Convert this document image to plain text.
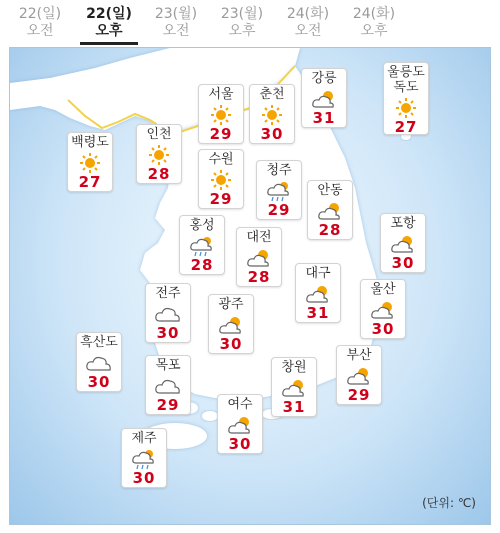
22(일)
오전
22(일)
오후
23(월)
오전
23(월)
오후
24(화)
오전
24(화)
오후
강릉
31
울릉도
독도
27
서울
29
춘천
30
백령도
27
인천
28
수원
29
청주
29
안동
28
홍성
28
대전
28
포항
30
대구
31
전주
30
울산
30
광주
30
흑산도
30
목포
29
창원
31
부산
29
여수
30
제주
30
(단위: ℃)
